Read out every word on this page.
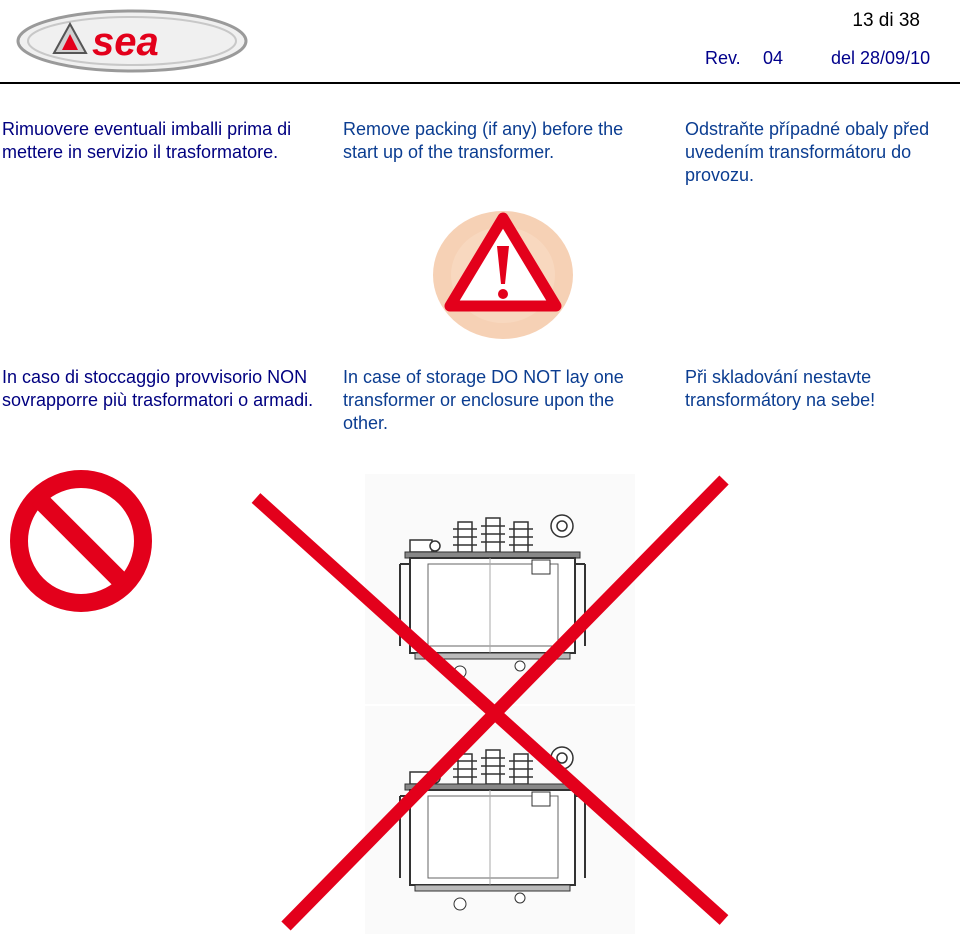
sea	13 di 38
Rev. 04	del 28/09/10
Rimuovere eventuali imballi prima di mettere in servizio il trasformatore.
Remove packing (if any) before the start up of the transformer.
Odstraňte případné obaly před uvedením transformátoru do provozu.
In caso di stoccaggio provvisorio NON sovrapporre più trasformatori o armadi.
In case of storage DO NOT lay one transformer or enclosure upon the other.
Při skladování nestavte transformátory na sebe!
